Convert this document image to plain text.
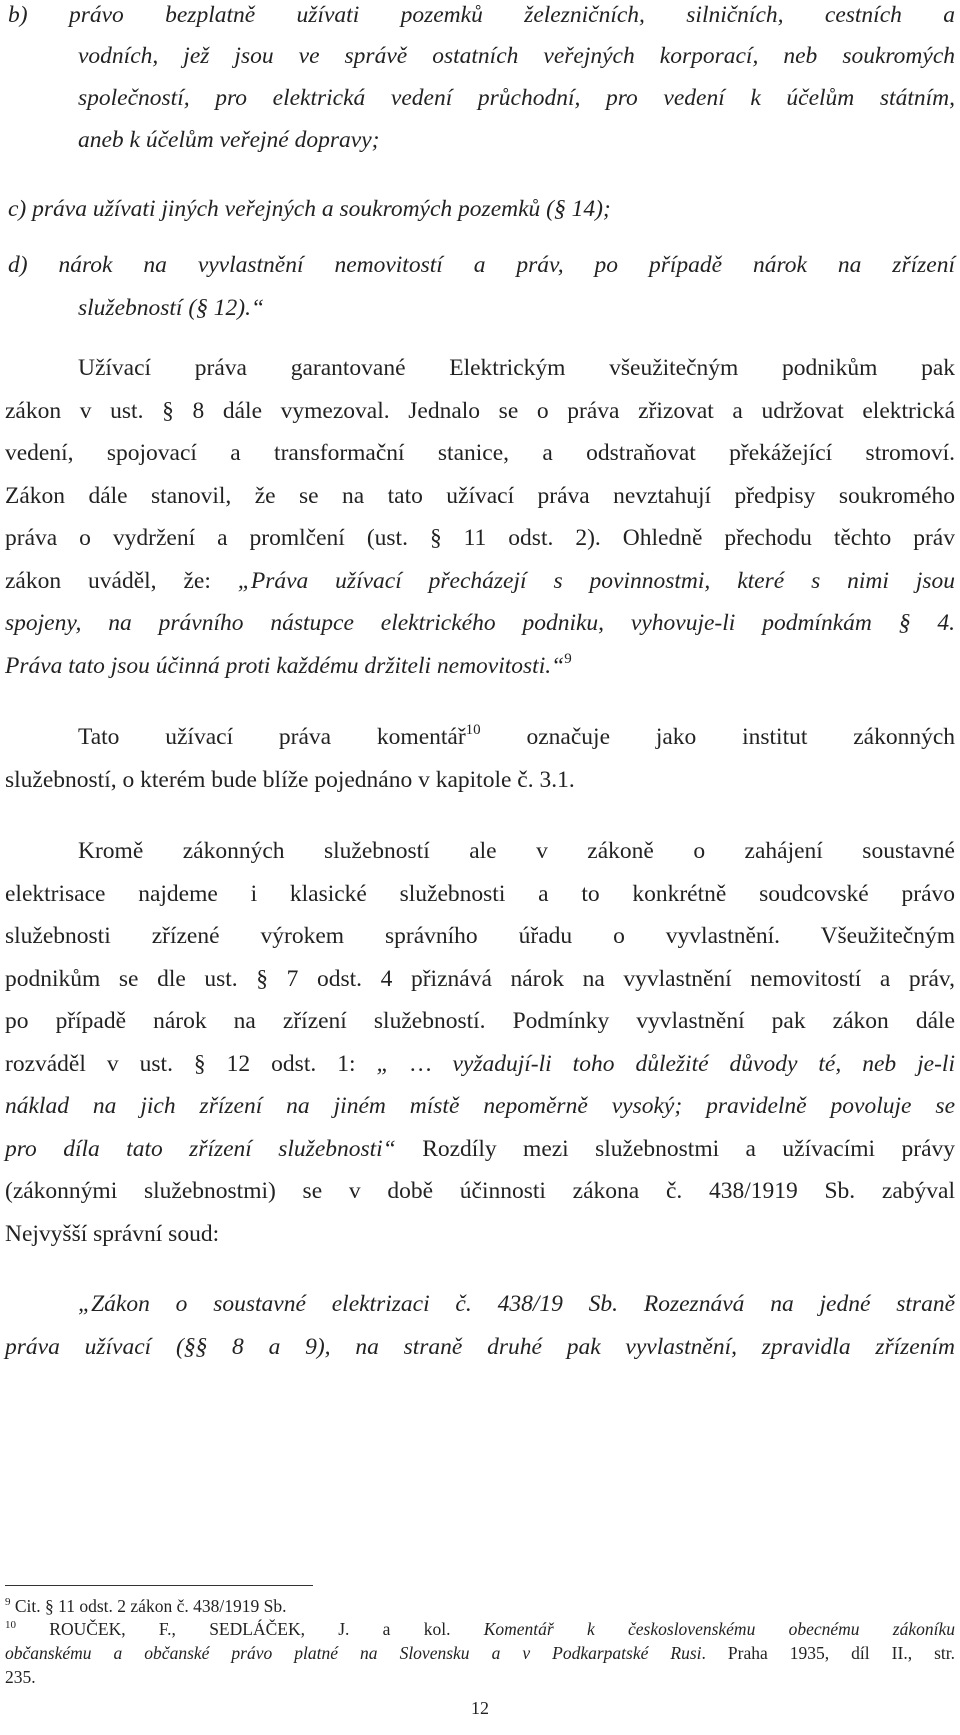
b) právo bezplatně užívati pozemků železničních, silničních, cestních a
vodních, jež jsou ve správě ostatních veřejných korporací, neb soukromých
společností, pro elektrická vedení průchodní, pro vedení k účelům státním,
aneb k účelům veřejné dopravy;
c) práva užívati jiných veřejných a soukromých pozemků (§ 14);
d) nárok na vyvlastnění nemovitostí a práv, po případě nárok na zřízení
služebností (§ 12).“
Užívací práva garantované Elektrickým všeužitečným podnikům pak
zákon v ust. § 8 dále vymezoval. Jednalo se o práva zřizovat a udržovat elektrická
vedení, spojovací a transformační stanice, a odstraňovat překážející stromoví.
Zákon dále stanovil, že se na tato užívací práva nevztahují předpisy soukromého
práva o vydržení a promlčení (ust. § 11 odst. 2). Ohledně přechodu těchto práv
zákon uváděl, že: „Práva užívací přecházejí s povinnostmi, které s nimi jsou
spojeny, na právního nástupce elektrického podniku, vyhovuje-li podmínkám § 4.
Práva tato jsou účinná proti každému držiteli nemovitosti.“$^9$
Tato užívací práva komentář$^{10}$ označuje jako institut zákonných
služebností, o kterém bude blíže pojednáno v kapitole č. 3.1.
Kromě zákonných služebností ale v zákoně o zahájení soustavné
elektrisace najdeme i klasické služebnosti a to konkrétně soudcovské právo
služebnosti zřízené výrokem správního úřadu o vyvlastnění. Všeužitečným
podnikům se dle ust. § 7 odst. 4 přiznává nárok na vyvlastnění nemovitostí a práv,
po případě nárok na zřízení služebností. Podmínky vyvlastnění pak zákon dále
rozváděl v ust. § 12 odst. 1: „ … vyžadují-li toho důležité důvody té, neb je-li
náklad na jich zřízení na jiném místě nepoměrně vysoký; pravidelně povoluje se
pro díla tato zřízení služebnosti“ Rozdíly mezi služebnostmi a užívacími právy
(zákonnými služebnostmi) se v době účinnosti zákona č. 438/1919 Sb. zabýval
Nejvyšší správní soud:
„Zákon o soustavné elektrizaci č. 438/19 Sb. Rozeznává na jedné straně
práva užívací (§§ 8 a 9), na straně druhé pak vyvlastnění, zpravidla zřízením
$^9$ Cit. § 11 odst. 2 zákon č. 438/1919 Sb.
$^{10}$ ROUČEK, F., SEDLÁČEK, J. a kol. Komentář k československému obecnému zákoníku
občanskému a občanské právo platné na Slovensku a v Podkarpatské Rusi. Praha 1935, díl II., str.
235.
12
